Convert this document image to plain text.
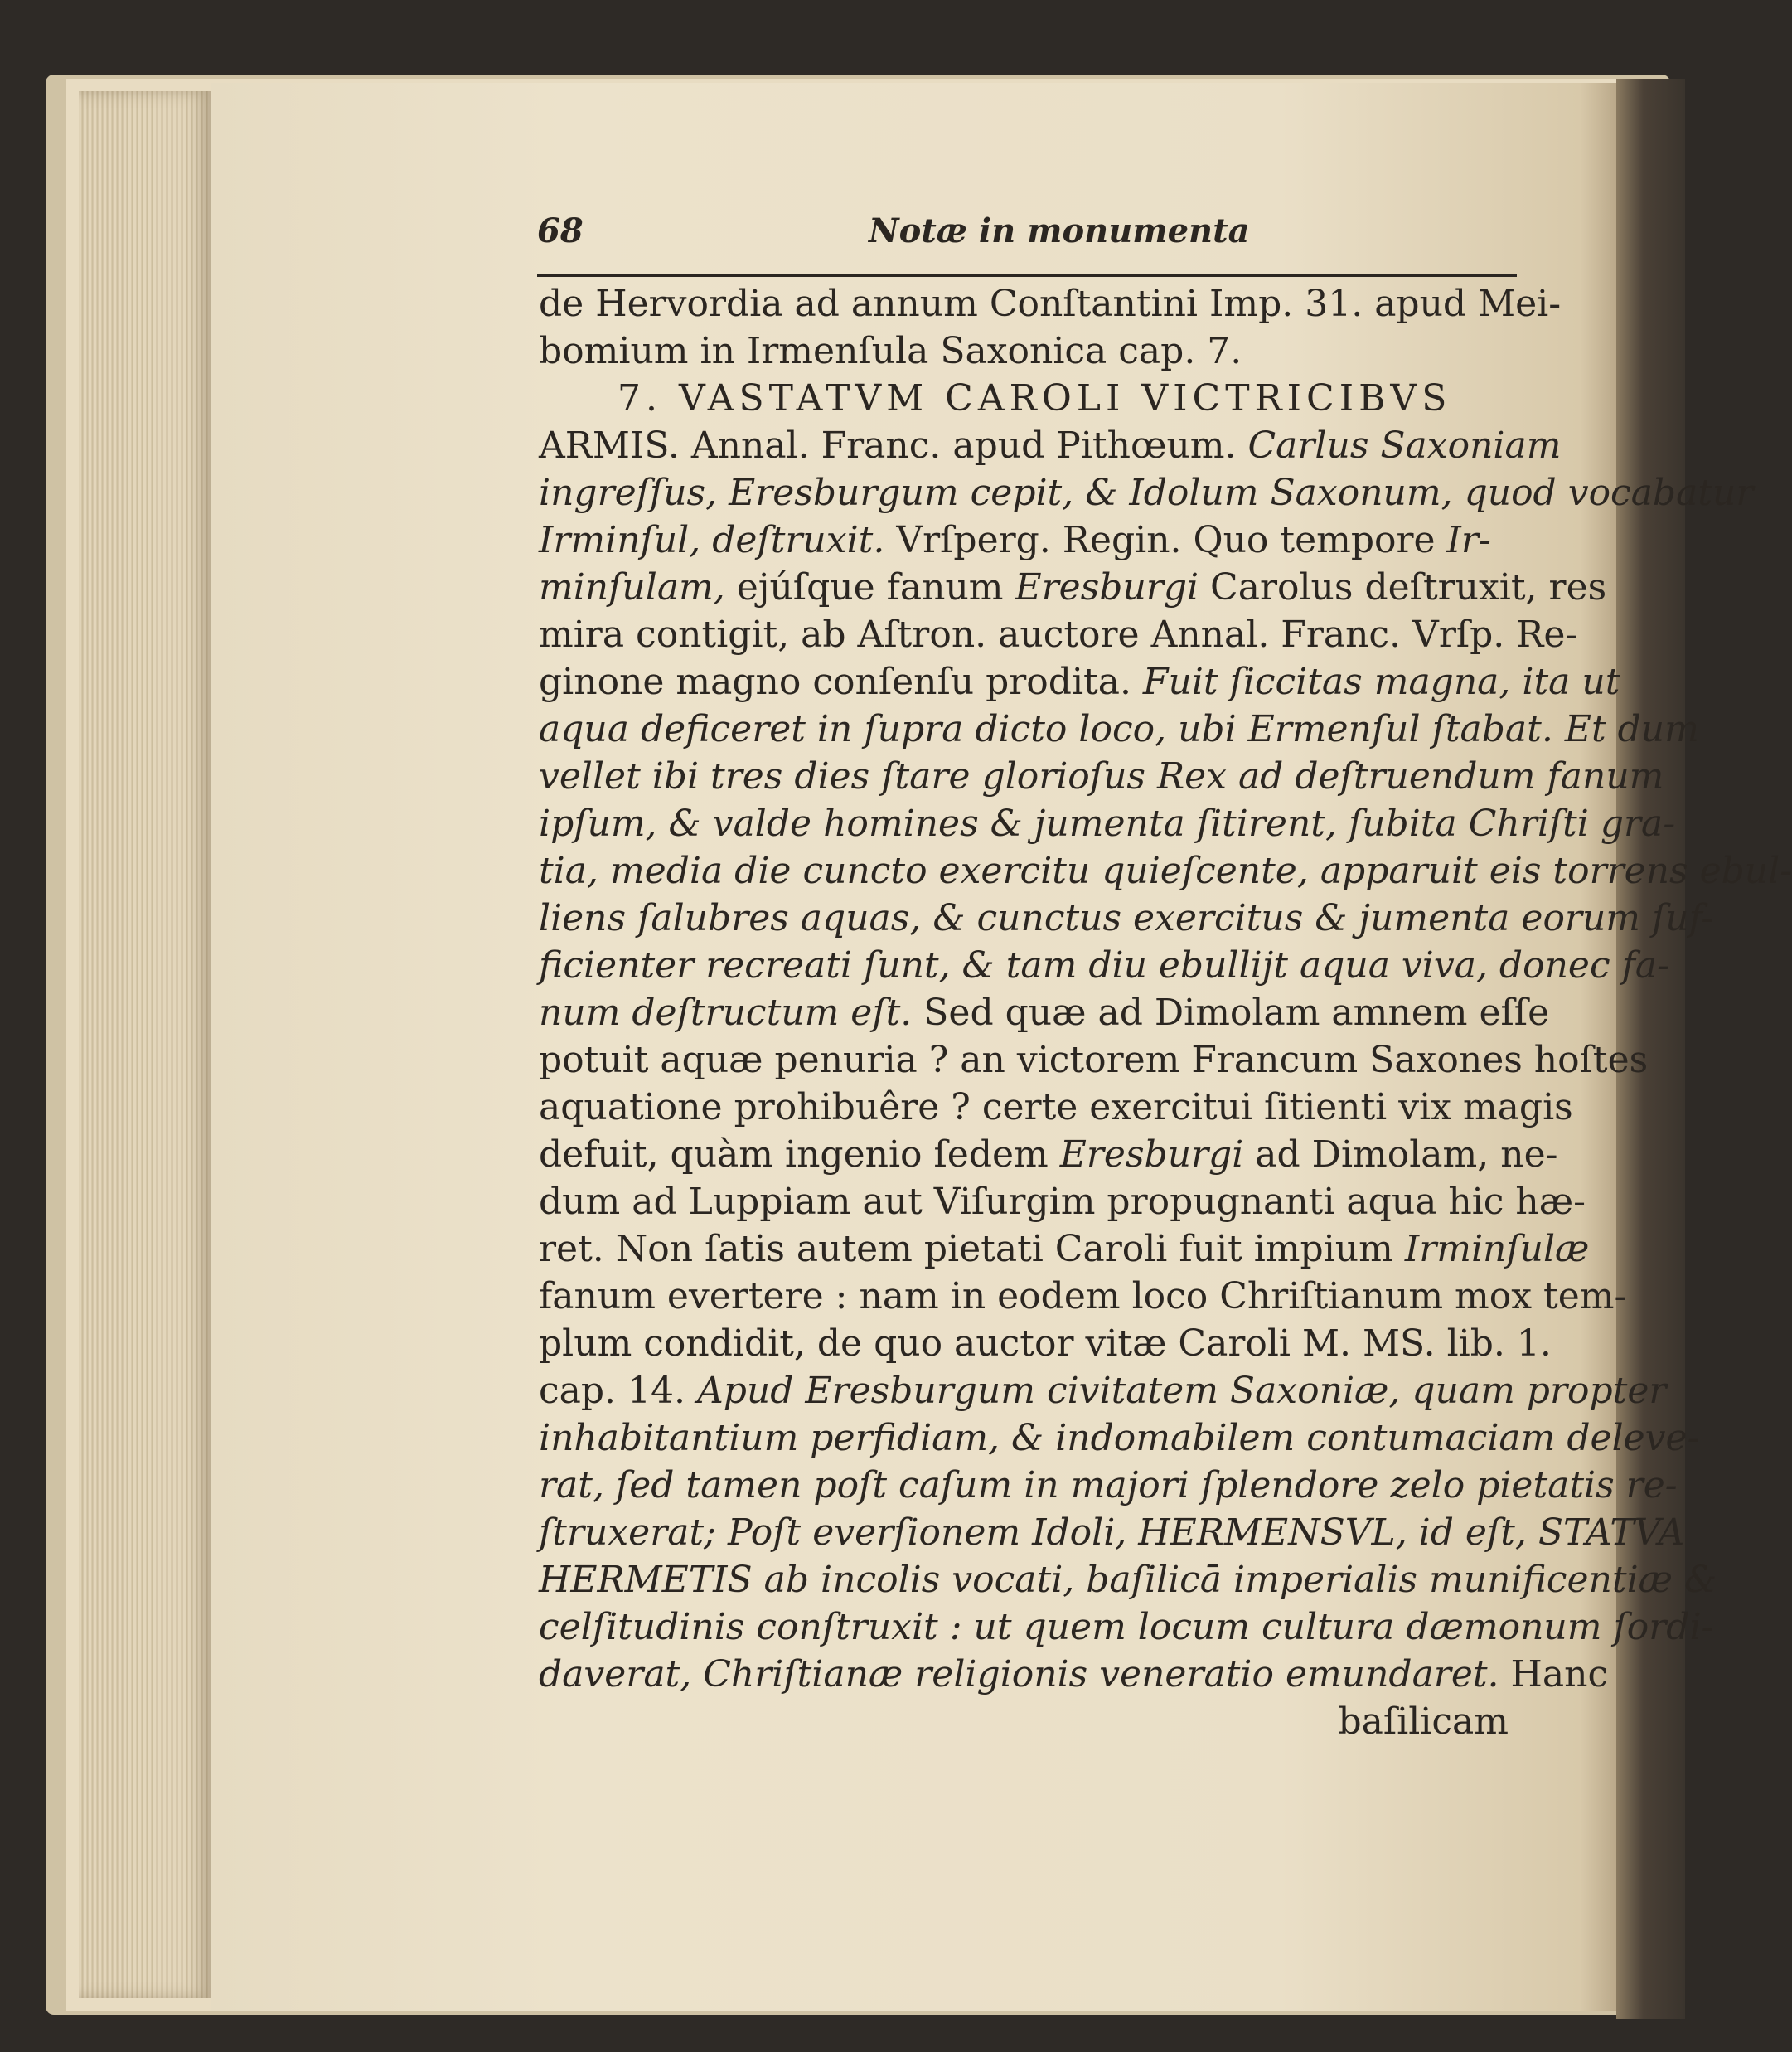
68	Notæ in monumenta
de Hervordia ad annum Conſtantini Imp. 31. apud Mei-
bomium in Irmenſula Saxonica cap. 7.
7. VASTATVM CAROLI VICTRICIBVS
ARMIS. Annal. Franc. apud Pithœum. Carlus Saxoniam
ingreſſus, Eresburgum cepit, & Idolum Saxonum, quod vocabatur
Irminſul, deſtruxit. Vrſperg. Regin. Quo tempore Ir-
minſulam, ejúſque fanum Eresburgi Carolus deſtruxit, res
mira contigit, ab Aſtron. auctore Annal. Franc. Vrſp. Re-
ginone magno conſenſu prodita. Fuit ſiccitas magna, ita ut
aqua deficeret in ſupra dicto loco, ubi Ermenſul ſtabat. Et dum
vellet ibi tres dies ſtare glorioſus Rex ad deſtruendum fanum
ipſum, & valde homines & jumenta ſitirent, ſubita Chriſti gra-
tia, media die cuncto exercitu quieſcente, apparuit eis torrens ebul-
liens ſalubres aquas, & cunctus exercitus & jumenta eorum ſuf-
ficienter recreati ſunt, & tam diu ebullijt aqua viva, donec fa-
num deſtructum eſt. Sed quæ ad Dimolam amnem eſſe
potuit aquæ penuria ? an victorem Francum Saxones hoſtes
aquatione prohibuêre ? certe exercitui ſitienti vix magis
defuit, quàm ingenio ſedem Eresburgi ad Dimolam, ne-
dum ad Luppiam aut Viſurgim propugnanti aqua hic hæ-
ret. Non ſatis autem pietati Caroli fuit impium Irminſulæ
fanum evertere : nam in eodem loco Chriſtianum mox tem-
plum condidit, de quo auctor vitæ Caroli M. MS. lib. 1.
cap. 14. Apud Eresburgum civitatem Saxoniæ, quam propter
inhabitantium perfidiam, & indomabilem contumaciam deleve-
rat, ſed tamen poſt caſum in majori ſplendore zelo pietatis re-
ſtruxerat; Poſt everſionem Idoli, HERMENSVL, id eſt, STATVA
HERMETIS ab incolis vocati, baſilicā imperialis munificentiæ &
celſitudinis conſtruxit : ut quem locum cultura dæmonum ſordi-
daverat, Chriſtianæ religionis veneratio emundaret. Hanc
baſilicam
